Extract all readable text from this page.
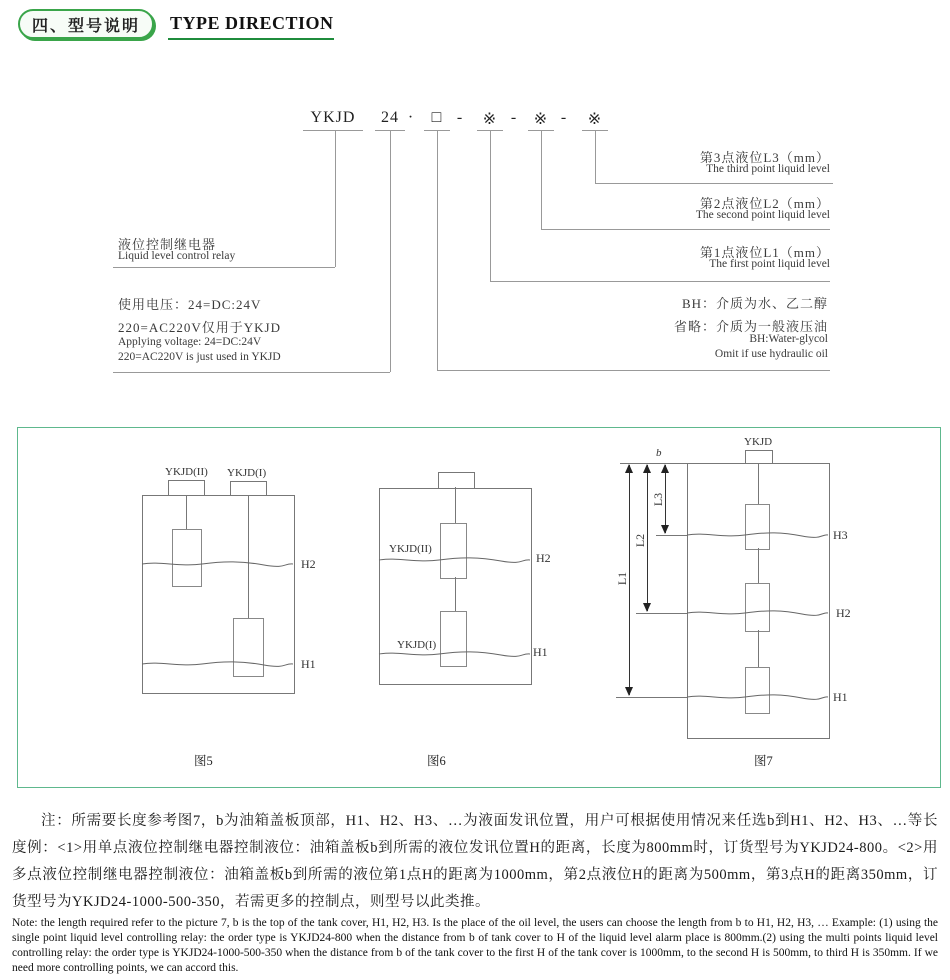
四、型号说明 TYPE DIRECTION
YKJD	24 ·	□ -	※ -	※ -	※
液位控制继电器
Liquid level control relay
使用电压：24=DC:24V
220=AC220V仅用于YKJD
Applying voltage: 24=DC:24V
220=AC220V is just used in YKJD
第3点液位L3（mm）
The third point liquid level
第2点液位L2（mm）
The second point liquid level
第1点液位L1（mm）
The first point liquid level
BH：介质为水、乙二醇
省略：介质为一般液压油
BH:Water-glycol
Omit if use hydraulic oil
YKJD(II) YKJD(I)
H2
H1
图5
YKJD(II)
YKJD(I)
H2
H1
图6
YKJD
H3
H2
H1
b
L3
L2
L1
图7

注：所需要长度参考图7，b为油箱盖板顶部，H1、H2、H3、…为液面发讯位置，用户可根据使用情况来任选b到H1、H2、H3、…等长度例：<1>用单点液位控制继电器控制液位：油箱盖板b到所需的液位发讯位置H的距离，长度为800mm时，订货型号为YKJD24-800。<2>用多点液位控制继电器控制液位：油箱盖板b到所需的液位第1点H的距离为1000mm，第2点液位H的距离为500mm，第3点H的距离350mm，订货型号为YKJD24-1000-500-350，若需更多的控制点，则型号以此类推。

Note: the length required refer to the picture 7, b is the top of the tank cover, H1, H2, H3. Is the place of the oil level, the users can choose the length from b to H1, H2, H3, … Example: (1) using the single point liquid level controlling relay: the order type is YKJD24-800 when the distance from b of tank cover to H of the liquid level alarm place is 800mm.(2) using the multi points liquid level controlling relay: the order type is YKJD24-1000-500-350 when the distance from b of the tank cover to the first H of the tank cover is 1000mm, to the second H is 500mm, to third H is 350mm. If we need more controlling points, we can accord this.
